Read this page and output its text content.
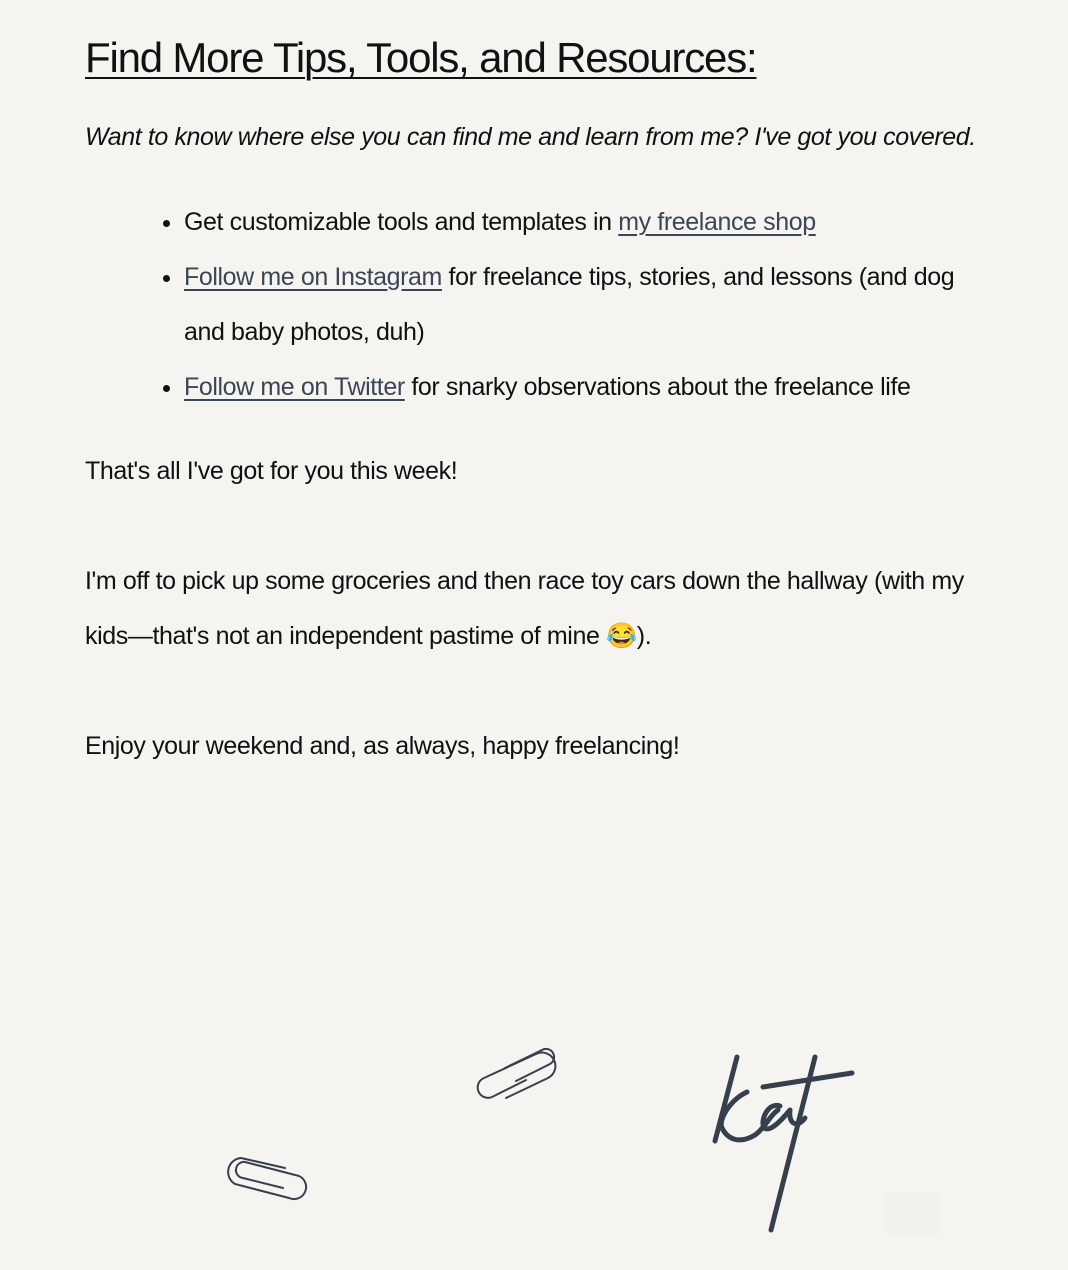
Find More Tips, Tools, and Resources:

Want to know where else you can find me and learn from me? I've got you covered.

• Get customizable tools and templates in my freelance shop
• Follow me on Instagram for freelance tips, stories, and lessons (and dog and baby photos, duh)
• Follow me on Twitter for snarky observations about the freelance life

That's all I've got for you this week!

I'm off to pick up some groceries and then race toy cars down the hallway (with my kids—that's not an independent pastime of mine 😂).

Enjoy your weekend and, as always, happy freelancing!
